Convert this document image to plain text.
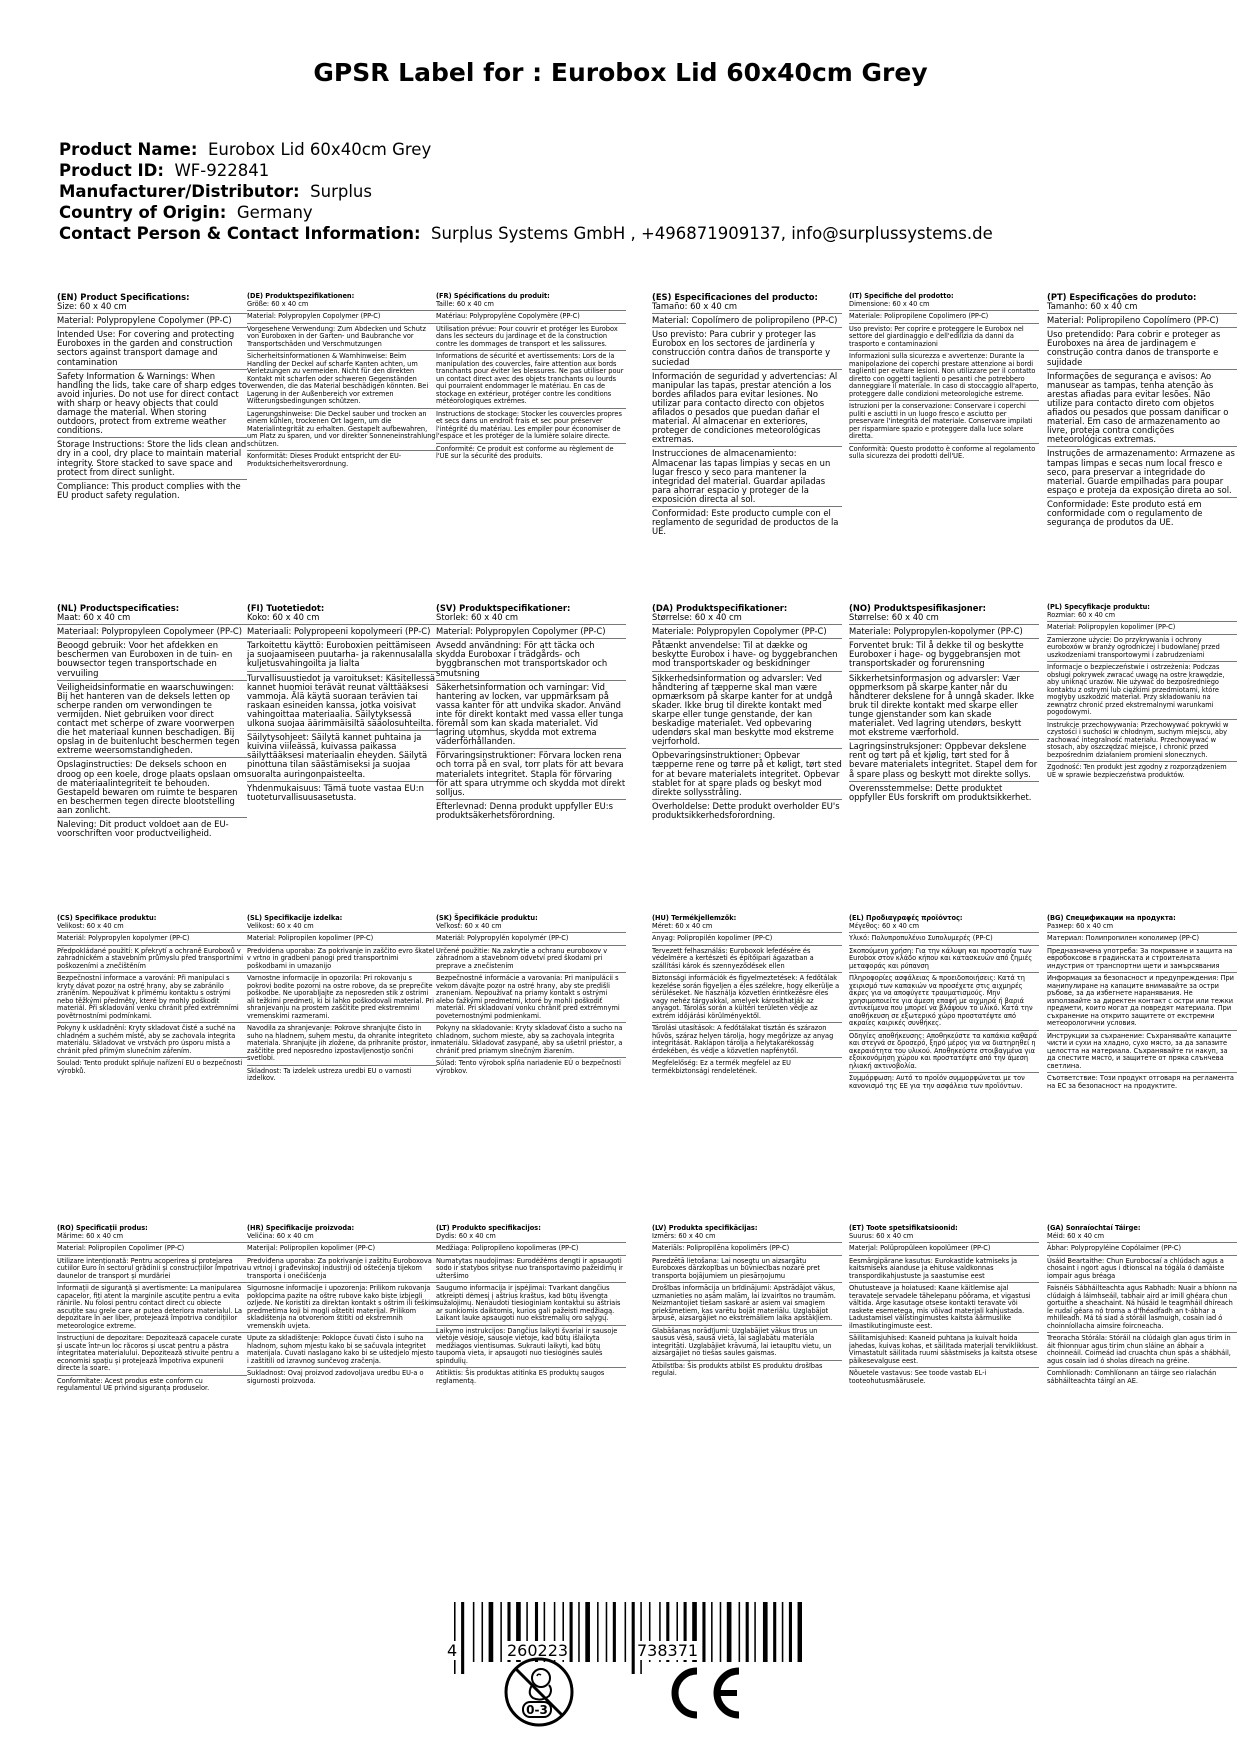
GPSR Label for : Eurobox Lid 60x40cm Grey
Product Name: Eurobox Lid 60x40cm Grey
Product ID: WF-922841
Manufacturer/Distributor: Surplus
Country of Origin: Germany
Contact Person & Contact Information: Surplus Systems GmbH , +496871909137, info@surplussystems.de
(EN) Product Specifications:
Size: 60 x 40 cm
Material: Polypropylene Copolymer (PP-C)
Intended Use: For covering and protecting Euroboxes in the garden and construction sectors against transport damage and contamination
Safety Information & Warnings: When handling the lids, take care of sharp edges to avoid injuries. Do not use for direct contact with sharp or heavy objects that could damage the material. When storing outdoors, protect from extreme weather conditions.
Storage Instructions: Store the lids clean and dry in a cool, dry place to maintain material integrity. Store stacked to save space and protect from direct sunlight.
Compliance: This product complies with the EU product safety regulation.
(DE) Produktspezifikationen:
Größe: 60 x 40 cm
Material: Polypropylen Copolymer (PP-C)
Vorgesehene Verwendung: Zum Abdecken und Schutz von Euroboxen in der Garten- und Baubranche vor Transportschäden und Verschmutzungen
Sicherheitsinformationen & Warnhinweise: Beim Handling der Deckel auf scharfe Kanten achten, um Verletzungen zu vermeiden. Nicht für den direkten Kontakt mit scharfen oder schweren Gegenständen verwenden, die das Material beschädigen könnten. Bei Lagerung in der Außenbereich vor extremen Witterungsbedingungen schützen.
Lagerungshinweise: Die Deckel sauber und trocken an einem kühlen, trockenen Ort lagern, um die Materialintegrität zu erhalten. Gestapelt aufbewahren, um Platz zu sparen, und vor direkter Sonneneinstrahlung schützen.
Konformität: Dieses Produkt entspricht der EU-Produktsicherheitsverordnung.
(FR) Spécifications du produit:
Taille: 60 x 40 cm
Matériau: Polypropylène Copolymère (PP-C)
Utilisation prévue: Pour couvrir et protéger les Eurobox dans les secteurs du jardinage et de la construction contre les dommages de transport et les salissures.
Informations de sécurité et avertissements: Lors de la manipulation des couvercles, faire attention aux bords tranchants pour éviter les blessures. Ne pas utiliser pour un contact direct avec des objets tranchants ou lourds qui pourraient endommager le matériau. En cas de stockage en extérieur, protéger contre les conditions météorologiques extrêmes.
Instructions de stockage: Stocker les couvercles propres et secs dans un endroit frais et sec pour préserver l'intégrité du matériau. Les empiler pour économiser de l'espace et les protéger de la lumière solaire directe.
Conformité: Ce produit est conforme au règlement de l'UE sur la sécurité des produits.
(ES) Especificaciones del producto:
Tamaño: 60 x 40 cm
Material: Copolímero de polipropileno (PP-C)
Uso previsto: Para cubrir y proteger las Eurobox en los sectores de jardinería y construcción contra daños de transporte y suciedad
Información de seguridad y advertencias: Al manipular las tapas, prestar atención a los bordes afilados para evitar lesiones. No utilizar para contacto directo con objetos afilados o pesados que puedan dañar el material. Al almacenar en exteriores, proteger de condiciones meteorológicas extremas.
Instrucciones de almacenamiento: Almacenar las tapas limpias y secas en un lugar fresco y seco para mantener la integridad del material. Guardar apiladas para ahorrar espacio y proteger de la exposición directa al sol.
Conformidad: Este producto cumple con el reglamento de seguridad de productos de la UE.
(IT) Specifiche del prodotto:
Dimensione: 60 x 40 cm
Materiale: Polipropilene Copolimero (PP-C)
Uso previsto: Per coprire e proteggere le Eurobox nel settore del giardinaggio e dell'edilizia da danni da trasporto e contaminazioni
Informazioni sulla sicurezza e avvertenze: Durante la manipolazione dei coperchi prestare attenzione ai bordi taglienti per evitare lesioni. Non utilizzare per il contatto diretto con oggetti taglienti o pesanti che potrebbero danneggiare il materiale. In caso di stoccaggio all'aperto, proteggere dalle condizioni meteorologiche estreme.
Istruzioni per la conservazione: Conservare i coperchi puliti e asciutti in un luogo fresco e asciutto per preservare l'integrità del materiale. Conservare impilati per risparmiare spazio e proteggere dalla luce solare diretta.
Conformità: Questo prodotto è conforme al regolamento sulla sicurezza dei prodotti dell'UE.
(PT) Especificações do produto:
Tamanho: 60 x 40 cm
Material: Polipropileno Copolímero (PP-C)
Uso pretendido: Para cobrir e proteger as Euroboxes na área de jardinagem e construção contra danos de transporte e sujidade
Informações de segurança e avisos: Ao manusear as tampas, tenha atenção às arestas afiadas para evitar lesões. Não utilize para contacto direto com objetos afiados ou pesados que possam danificar o material. Em caso de armazenamento ao livre, proteja contra condições meteorológicas extremas.
Instruções de armazenamento: Armazene as tampas limpas e secas num local fresco e seco, para preservar a integridade do material. Guarde empilhadas para poupar espaço e proteja da exposição direta ao sol.
Conformidade: Este produto está em conformidade com o regulamento de segurança de produtos da UE.
(NL) Productspecificaties:
Maat: 60 x 40 cm
Materiaal: Polypropyleen Copolymeer (PP-C)
Beoogd gebruik: Voor het afdekken en beschermen van Euroboxen in de tuin- en bouwsector tegen transportschade en vervuiling
Veiligheidsinformatie en waarschuwingen: Bij het hanteren van de deksels letten op scherpe randen om verwondingen te vermijden. Niet gebruiken voor direct contact met scherpe of zware voorwerpen die het materiaal kunnen beschadigen. Bij opslag in de buitenlucht beschermen tegen extreme weersomstandigheden.
Opslaginstructies: De deksels schoon en droog op een koele, droge plaats opslaan om de materiaalintegriteit te behouden. Gestapeld bewaren om ruimte te besparen en beschermen tegen directe blootstelling aan zonlicht.
Naleving: Dit product voldoet aan de EU-voorschriften voor productveiligheid.
(FI) Tuotetiedot:
Koko: 60 x 40 cm
Materiaali: Polypropeeni kopolymeeri (PP-C)
Tarkoitettu käyttö: Euroboxien peittämiseen ja suojaamiseen puutarha- ja rakennusalalla kuljetusvahingoilta ja lialta
Turvallisuustiedot ja varoitukset: Käsitellessä kannet huomioi terävät reunat välttääksesi vammoja. Älä käytä suoraan terävien tai raskaan esineiden kanssa, jotka voisivat vahingoittaa materiaalia. Säilytyksessä ulkona suojaa äärimmäisiltä sääolosuhteilta.
Säilytysohjeet: Säilytä kannet puhtaina ja kuivina viileässä, kuivassa paikassa säilyttääksesi materiaalin eheyden. Säilytä pinottuna tilan säästämiseksi ja suojaa suoralta auringonpaisteelta.
Yhdenmukaisuus: Tämä tuote vastaa EU:n tuoteturvallisuusasetusta.
(SV) Produktspecifikationer:
Storlek: 60 x 40 cm
Material: Polypropylen Copolymer (PP-C)
Avsedd användning: För att täcka och skydda Euroboxar i trädgårds- och byggbranschen mot transportskador och smutsning
Säkerhetsinformation och varningar: Vid hantering av locken, var uppmärksam på vassa kanter för att undvika skador. Använd inte för direkt kontakt med vassa eller tunga föremål som kan skada materialet. Vid lagring utomhus, skydda mot extrema väderförhållanden.
Förvaringsinstruktioner: Förvara locken rena och torra på en sval, torr plats för att bevara materialets integritet. Stapla för förvaring för att spara utrymme och skydda mot direkt solljus.
Efterlevnad: Denna produkt uppfyller EU:s produktsäkerhetsförordning.
(DA) Produktspecifikationer:
Størrelse: 60 x 40 cm
Materiale: Polypropylen Copolymer (PP-C)
Påtænkt anvendelse: Til at dække og beskytte Eurobox i have- og byggebranchen mod transportskader og beskidninger
Sikkerhedsinformation og advarsler: Ved håndtering af tæpperne skal man være opmærksom på skarpe kanter for at undgå skader. Ikke brug til direkte kontakt med skarpe eller tunge genstande, der kan beskadige materialet. Ved opbevaring udendørs skal man beskytte mod ekstreme vejrforhold.
Opbevaringsinstruktioner: Opbevar tæpperne rene og tørre på et køligt, tørt sted for at bevare materialets integritet. Opbevar stablet for at spare plads og beskyt mod direkte sollysstråling.
Overholdelse: Dette produkt overholder EU's produktsikkerhedsforordning.
(NO) Produktspesifikasjoner:
Størrelse: 60 x 40 cm
Materiale: Polypropylen-kopolymer (PP-C)
Forventet bruk: Til å dekke til og beskytte Euroboxer i hage- og byggebransjen mot transportskader og forurensning
Sikkerhetsinformasjon og advarsler: Vær oppmerksom på skarpe kanter når du håndterer dekslene for å unngå skader. Ikke bruk til direkte kontakt med skarpe eller tunge gjenstander som kan skade materialet. Ved lagring utendørs, beskytt mot ekstreme værforhold.
Lagringsinstruksjoner: Oppbevar dekslene rent og tørt på et kjølig, tørt sted for å bevare materialets integritet. Stapel dem for å spare plass og beskytt mot direkte sollys.
Overensstemmelse: Dette produktet oppfyller EUs forskrift om produktsikkerhet.
(PL) Specyfikacje produktu:
Rozmiar: 60 x 40 cm
Materiał: Polipropylen kopolimer (PP-C)
Zamierzone użycie: Do przykrywania i ochrony euroboxów w branży ogrodniczej i budowlanej przed uszkodzeniami transportowymi i zabrudzeniami
Informacje o bezpieczeństwie i ostrzeżenia: Podczas obsługi pokrywek zwracać uwagę na ostre krawędzie, aby uniknąć urazów. Nie używać do bezpośredniego kontaktu z ostrymi lub ciężkimi przedmiotami, które mogłyby uszkodzić materiał. Przy składowaniu na zewnątrz chronić przed ekstremalnymi warunkami pogodowymi.
Instrukcje przechowywania: Przechowywać pokrywki w czystości i suchości w chłodnym, suchym miejscu, aby zachować integralność materiału. Przechowywać w stosach, aby oszczędzać miejsce, i chronić przed bezpośrednim działaniem promieni słonecznych.
Zgodność: Ten produkt jest zgodny z rozporządzeniem UE w sprawie bezpieczeństwa produktów.
(CS) Specifikace produktu:
Velikost: 60 x 40 cm
Materiál: Polypropylen kopolymer (PP-C)
Předpokládané použití: K překrytí a ochraně Euroboxů v zahradnickém a stavebním průmyslu před transportními poškozeními a znečištěním
Bezpečnostní informace a varování: Při manipulaci s kryty dávat pozor na ostré hrany, aby se zabránilo zraněním. Nepoužívat k přímému kontaktu s ostrými nebo těžkými předměty, které by mohly poškodit materiál. Při skladování venku chránit před extrémními povětrnostními podmínkami.
Pokyny k uskladnění: Kryty skladovat čisté a suché na chladném a suchém místě, aby se zachovala integrita materiálu. Skladovat ve vrstvách pro úsporu místa a chránit před přímým slunečním zářením.
Soulad: Tento produkt splňuje nařízení EU o bezpečnosti výrobků.
(SL) Specifikacije izdelka:
Velikost: 60 x 40 cm
Material: Polipropilen kopolimer (PP-C)
Predvidena uporaba: Za pokrivanje in zaščito evro škatel v vrtno in gradbeni panogi pred transportnimi poškodbami in umazanijo
Varnostne informacije in opozorila: Pri rokovanju s pokrovi bodite pozorni na ostre robove, da se preprečite poškodbe. Ne uporabljajte za neposreden stik z ostrimi ali težkimi predmeti, ki bi lahko poškodovali material. Pri shranjevanju na prostem zaščitite pred ekstremnimi vremenskimi razmerami.
Navodila za shranjevanje: Pokrove shranjujte čisto in suho na hladnem, suhem mestu, da ohranite integriteto materiala. Shranjujte jih zložene, da prihranite prostor, in zaščitite pred neposredno izpostavljenostjo sončni svetlobi.
Skladnost: Ta izdelek ustreza uredbi EU o varnosti izdelkov.
(SK) Špecifikácie produktu:
Veľkosť: 60 x 40 cm
Materiál: Polypropylén kopolymér (PP-C)
Určené použitie: Na zakrytie a ochranu euroboxov v záhradnom a stavebnom odvetví pred škodami pri preprave a znečistením
Bezpečnostné informácie a varovania: Pri manipulácii s vekom dávajte pozor na ostré hrany, aby ste predišli zraneniam. Nepoužívať na priamy kontakt s ostrými alebo ťažkými predmetmi, ktoré by mohli poškodiť materiál. Pri skladovaní vonku chrániť pred extrémnymi poveternostnými podmienkami.
Pokyny na skladovanie: Kryty skladovať čisto a sucho na chladnom, suchom mieste, aby sa zachovala integrita materiálu. Skladovať zasypané, aby sa ušetril priestor, a chrániť pred priamym slnečným žiarením.
Súlad: Tento výrobok spĺňa nariadenie EÚ o bezpečnosti výrobkov.
(HU) Termékjellemzők:
Méret: 60 x 40 cm
Anyag: Polipropilén kopolimer (PP-C)
Tervezett felhasználás: Euroboxok lefedésére és védelmére a kertészeti és építőipari ágazatban a szállítási károk és szennyeződések ellen
Biztonsági információk és figyelmeztetések: A fedőtálak kezelése során figyeljen a éles szélekre, hogy elkerülje a sérüléseket. Ne használja közvetlen érintkezésre éles vagy nehéz tárgyakkal, amelyek károsíthatják az anyagot. Tárolás során a kültéri területen védje az extrém időjárási körülményektől.
Tárolási utasítások: A fedőtálakat tisztán és szárazon hűvös, száraz helyen tárolja, hogy megőrizze az anyag integritását. Raklapon tárolja a helytakarékosság érdekében, és védje a közvetlen napfénytől.
Megfelelőség: Ez a termék megfelel az EU termékbiztonsági rendeletének.
(EL) Προδιαγραφές προϊόντος:
Μέγεθος: 60 x 40 cm
Υλικό: Πολυπροπυλένιο Συπολυμερές (PP-C)
Σκοπούμενη χρήση: Για την κάλυψη και προστασία των Eurobox στον κλάδο κήπου και κατασκευών από ζημιές μεταφοράς και ρύπανση
Πληροφορίες ασφάλειας & προειδοποιήσεις: Κατά τη χειρισμό των καπακιών να προσέχετε στις αιχμηρές άκρες για να αποφύγετε τραυματισμούς. Μην χρησιμοποιείτε για άμεση επαφή με αιχμηρά ή βαριά αντικείμενα που μπορεί να βλάψουν το υλικό. Κατά την αποθήκευση σε εξωτερικό χώρο προστατέψτε από ακραίες καιρικές συνθήκες.
Οδηγίες αποθήκευσης: Αποθηκεύστε τα καπάκια καθαρά και στεγνά σε δροσερό, ξηρό μέρος για να διατηρηθεί η ακεραιότητα του υλικού. Αποθηκεύστε στοιβαγμένα για εξοικονόμηση χώρου και προστατέψτε από την άμεση ηλιακή ακτινοβολία.
Συμμόρφωση: Αυτό το προϊόν συμμορφώνεται με τον κανονισμό της ΕΕ για την ασφάλεια των προϊόντων.
(BG) Спецификации на продукта:
Размер: 60 x 40 cm
Материал: Полипропилен кополимер (PP-C)
Предназначена употреба: За покриване и защита на евробоксове в градинската и строителната индустрия от транспортни щети и замърсявания
Информация за безопасност и предупреждения: При манипулиране на капаците внимавайте за остри ръбове, за да избегнете наранявания. Не използвайте за директен контакт с остри или тежки предмети, които могат да повредят материала. При съхранение на открито защитете от екстремни метеорологични условия.
Инструкции за съхранение: Съхранявайте капаците чисти и сухи на хладно, сухо място, за да запазите целостта на материала. Съхранявайте ги накуп, за да спестите място, и защитете от пряка слънчева светлина.
Съответствие: Този продукт отговаря на регламента на ЕС за безопасност на продуктите.
(RO) Specificații produs:
Mărime: 60 x 40 cm
Material: Polipropilen Copolimer (PP-C)
Utilizare intenționată: Pentru acoperirea și protejarea cutiilor Euro în sectorul grădinii și construcțiilor împotriva daunelor de transport și murdăriei
Informații de siguranță și avertismente: La manipularea capacelor, fiți atent la marginile ascuțite pentru a evita rănirile. Nu folosi pentru contact direct cu obiecte ascuțite sau grele care ar putea deteriora materialul. La depozitare în aer liber, protejează împotriva condițiilor meteorologice extreme.
Instrucțiuni de depozitare: Depozitează capacele curate și uscate într-un loc răcoros și uscat pentru a păstra integritatea materialului. Depozitează stivuite pentru a economisi spațiu și protejează împotriva expunerii directe la soare.
Conformitate: Acest produs este conform cu regulamentul UE privind siguranța produselor.
(HR) Specifikacije proizvoda:
Veličina: 60 x 40 cm
Materijal: Polipropilen kopolimer (PP-C)
Predviđena uporaba: Za pokrivanje i zaštitu Euroboxova u vrtnoj i građevinskoj industriji od oštećenja tijekom transporta i onečišćenja
Sigurnosne informacije i upozorenja: Prilikom rukovanja poklopcima pazite na oštre rubove kako biste izbjegli ozljede. Ne koristiti za direktan kontakt s oštrim ili teškim predmetima koji bi mogli oštetiti materijal. Prilikom skladištenja na otvorenom štititi od ekstremnih vremenskih uvjeta.
Upute za skladištenje: Poklopce čuvati čisto i suho na hladnom, suhom mjestu kako bi se sačuvala integritet materijala. Čuvati naslagano kako bi se uštedjelo mjesto i zaštitili od izravnog sunčevog zračenja.
Sukladnost: Ovaj proizvod zadovoljava uredbu EU-a o sigurnosti proizvoda.
(LT) Produkto specifikacijos:
Dydis: 60 x 40 cm
Medžiaga: Polipropileno kopolimeras (PP-C)
Numatytas naudojimas: Eurodėžėms dengti ir apsaugoti sodo ir statybos srityse nuo transportavimo pažeidimų ir užteršimo
Saugumo informacija ir įspėjimai: Tvarkant dangčius atkreipti dėmesį į aštrius kraštus, kad būtų išvengta sužalojimų. Nenaudoti tiesioginiam kontaktui su aštriais ar sunkiomis daiktomis, kurios gali pažeisti medžiagą. Laikant lauke apsaugoti nuo ekstremalių oro sąlygų.
Laikymo instrukcijos: Dangčius laikyti švariai ir sausoje vietoje vėsioje, sausoje vietoje, kad būtų išlaikyta medžiagos vientisumas. Sukrauti laikyti, kad būtų taupoma vieta, ir apsaugoti nuo tiesioginės saulės spindulių.
Atitiktis: Šis produktas atitinka ES produktų saugos reglamentą.
(LV) Produkta specifikācijas:
Izmērs: 60 x 40 cm
Materiāls: Polipropilēna kopolimērs (PP-C)
Paredzētā lietošana: Lai nosegtu un aizsargātu Euroboxes dārzkopības un būvniecības nozarē pret transporta bojājumiem un piesārņojumu
Drošības informācija un brīdinājumi: Apstrādājot vākus, uzmanieties no asām malām, lai izvairītos no traumām. Neizmantojiet tiešam saskarē ar asiem vai smagiem priekšmetiem, kas varētu bojāt materiālu. Uzglabājot ārpusē, aizsargājiet no ekstremāliem laika apstākļiem.
Glabāšanas norādījumi: Uzglabājiet vākus tīrus un sausus vēsā, sausā vietā, lai saglabātu materiāla integritāti. Uzglabājiet krāvumā, lai ietaupītu vietu, un aizsargājiet no tiešas saules gaismas.
Atbilstība: Šis produkts atbilst ES produktu drošības regulai.
(ET) Toote spetsifikatsioonid:
Suurus: 60 x 40 cm
Materjal: Polüpropüleen kopolümeer (PP-C)
Eesmärgipärane kasutus: Eurokastide katmiseks ja kaitsmiseks aianduse ja ehituse valdkonnas transpordikahjustuste ja saastumise eest
Ohutusteave ja hoiatused: Kaane käitlemise ajal teravatele servadele tähelepanu pöörama, et vigastusi vältida. Ärge kasutage otsese kontakti teravate või raskete esemetega, mis võivad materjali kahjustada. Ladustamisel välistingimustes kaitsta äärmuslike ilmastikutingimuste eest.
Säilitamisjuhised: Kaaneid puhtana ja kuivalt hoida jahedas, kuivas kohas, et säilitada materjali terviklikkust. Virnastatult säilitada ruumi säästmiseks ja kaitsta otsese päikesevalguse eest.
Nõuetele vastavus: See toode vastab EL-i tooteohutusmäärusele.
(GA) Sonraíochtaí Táirge:
Méid: 60 x 40 cm
Ábhar: Polypropyléine Copólaimer (PP-C)
Úsáid Beartaithe: Chun Eurobocsaí a chlúdach agus a chosaint i ngort agus i dtionscal na tógála ó damáiste iompair agus bréaga
Faisnéis Sábháilteachta agus Rabhadh: Nuair a bhíonn na clúdaigh á láimhseáil, tabhair aird ar imill ghéara chun gortuithe a sheachaint. Ná húsáid le teagmháil dhíreach le rudaí géara nó troma a d'fhéadfadh an t-ábhar a mhilleadh. Má tá siad á stóráil lasmuigh, cosain iad ó choinníollacha aimsire foircneacha.
Treoracha Stórála: Stóráil na clúdaigh glan agus tirim in áit fhionnuar agus tirim chun sláine an ábhair a choinneáil. Coimeád iad cruachta chun spás a shábháil, agus cosain iad ó sholas díreach na gréine.
Comhlíonadh: Comhlíonann an táirge seo rialachán sábháilteachta táirgí an AE.
4	260223	738371
0-3
